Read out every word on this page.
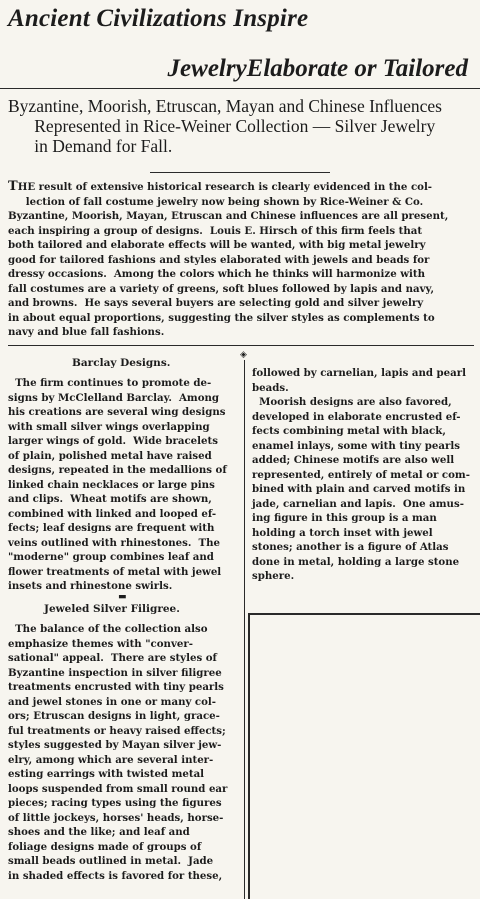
Ancient Civilizations Inspire
JewelryElaborate or Tailored
Byzantine, Moorish, Etruscan, Mayan and Chinese Influences
Represented in Rice-Weiner Collection — Silver Jewelry
in Demand for Fall.
THE result of extensive historical research is clearly evidenced in the col-
lection of fall costume jewelry now being shown by Rice-Weiner & Co.
Byzantine, Moorish, Mayan, Etruscan and Chinese influences are all present,
each inspiring a group of designs.  Louis E. Hirsch of this firm feels that
both tailored and elaborate effects will be wanted, with big metal jewelry
good for tailored fashions and styles elaborated with jewels and beads for
dressy occasions.  Among the colors which he thinks will harmonize with
fall costumes are a variety of greens, soft blues followed by lapis and navy,
and browns.  He says several buyers are selecting gold and silver jewelry
in about equal proportions, suggesting the silver styles as complements to
navy and blue fall fashions.
◈
Barclay Designs.
The firm continues to promote de-
signs by McClelland Barclay.  Among
his creations are several wing designs
with small silver wings overlapping
larger wings of gold.  Wide bracelets
of plain, polished metal have raised
designs, repeated in the medallions of
linked chain necklaces or large pins
and clips.  Wheat motifs are shown,
combined with linked and looped ef-
fects; leaf designs are frequent with
veins outlined with rhinestones.  The
"moderne" group combines leaf and
flower treatments of metal with jewel
insets and rhinestone swirls.
▬
Jeweled Silver Filigree.
The balance of the collection also
emphasize themes with "conver-
sational" appeal.  There are styles of
Byzantine inspection in silver filigree
treatments encrusted with tiny pearls
and jewel stones in one or many col-
ors; Etruscan designs in light, grace-
ful treatments or heavy raised effects;
styles suggested by Mayan silver jew-
elry, among which are several inter-
esting earrings with twisted metal
loops suspended from small round ear
pieces; racing types using the figures
of little jockeys, horses' heads, horse-
shoes and the like; and leaf and
foliage designs made of groups of
small beads outlined in metal.  Jade
in shaded effects is favored for these,
followed by carnelian, lapis and pearl
beads.
Moorish designs are also favored,
developed in elaborate encrusted ef-
fects combining metal with black,
enamel inlays, some with tiny pearls
added; Chinese motifs are also well
represented, entirely of metal or com-
bined with plain and carved motifs in
jade, carnelian and lapis.  One amus-
ing figure in this group is a man
holding a torch inset with jewel
stones; another is a figure of Atlas
done in metal, holding a large stone
sphere.
